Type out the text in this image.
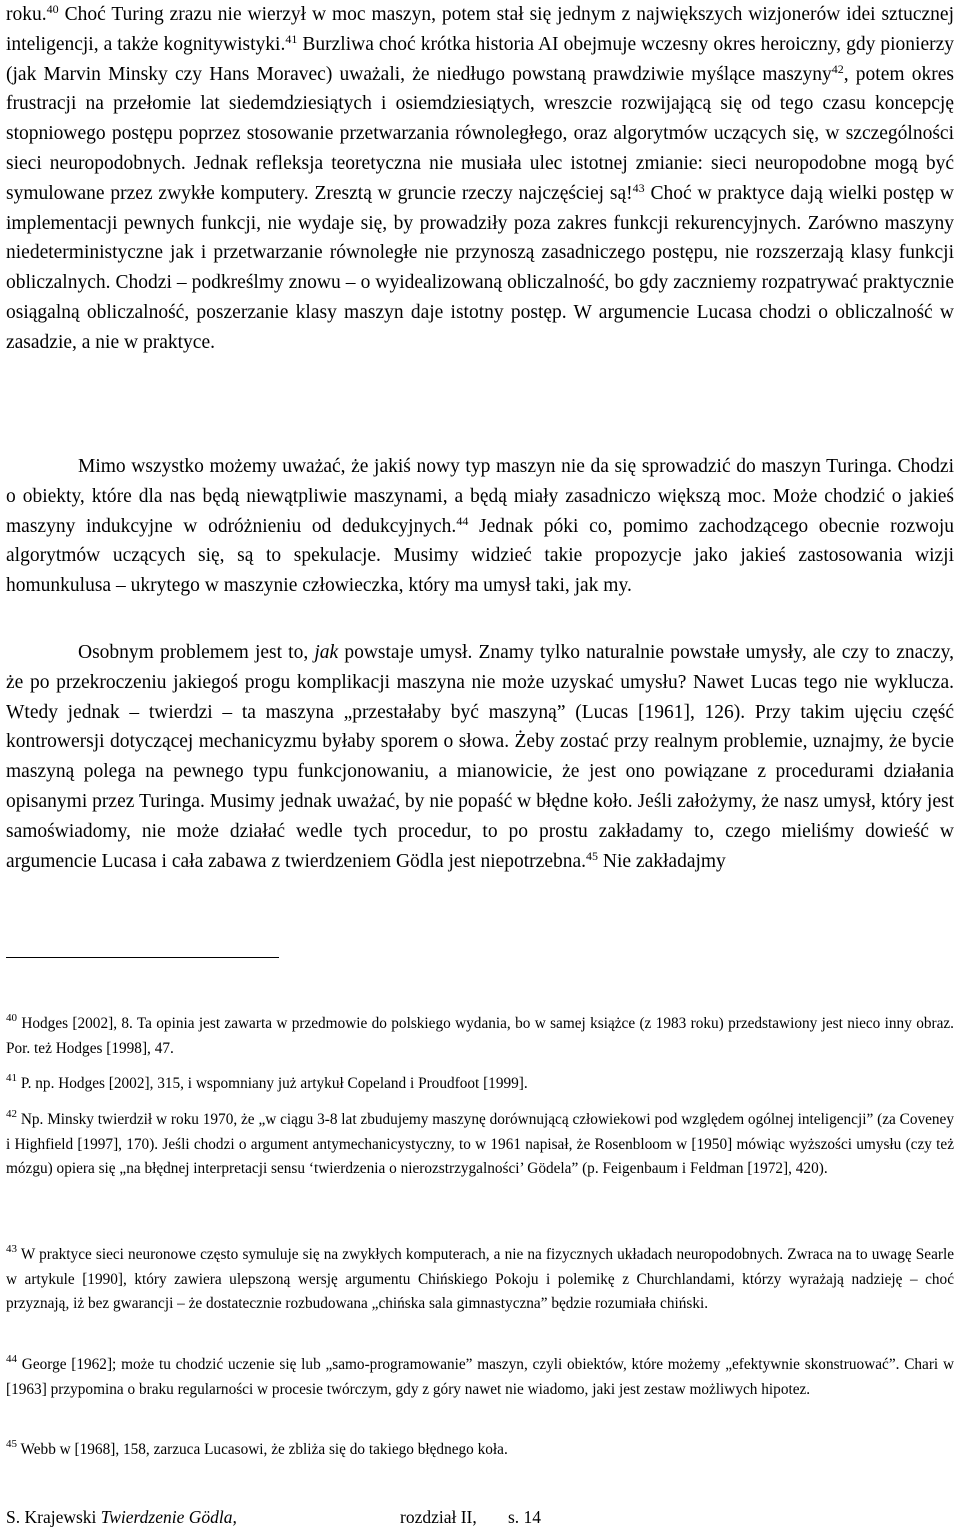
roku.$^{40}$ Choć Turing zrazu nie wierzył w moc maszyn, potem stał się jednym z największych wizjonerów idei sztucznej inteligencji, a także kognitywistyki.$^{41}$ Burzliwa choć krótka historia AI obejmuje wczesny okres heroiczny, gdy pionierzy (jak Marvin Minsky czy Hans Moravec) uważali, że niedługo powstaną prawdziwie myślące maszyny$^{42}$, potem okres frustracji na przełomie lat siedemdziesiątych i osiemdziesiątych, wreszcie rozwijającą się od tego czasu koncepcję stopniowego postępu poprzez stosowanie przetwarzania równoległego, oraz algorytmów uczących się, w szczególności sieci neuropodobnych. Jednak refleksja teoretyczna nie musiała ulec istotnej zmianie: sieci neuropodobne mogą być symulowane przez zwykłe komputery. Zresztą w gruncie rzeczy najczęściej są!$^{43}$ Choć w praktyce dają wielki postęp w implementacji pewnych funkcji, nie wydaje się, by prowadziły poza zakres funkcji rekurencyjnych. Zarówno maszyny niedeterministyczne jak i przetwarzanie równoległe nie przynoszą zasadniczego postępu, nie rozszerzają klasy funkcji obliczalnych. Chodzi – podkreślmy znowu – o wyidealizowaną obliczalność, bo gdy zaczniemy rozpatrywać praktycznie osiągalną obliczalność, poszerzanie klasy maszyn daje istotny postęp. W argumencie Lucasa chodzi o obliczalność w zasadzie, a nie w praktyce.

Mimo wszystko możemy uważać, że jakiś nowy typ maszyn nie da się sprowadzić do maszyn Turinga. Chodzi o obiekty, które dla nas będą niewątpliwie maszynami, a będą miały zasadniczo większą moc. Może chodzić o jakieś maszyny indukcyjne w odróżnieniu od dedukcyjnych.$^{44}$ Jednak póki co, pomimo zachodzącego obecnie rozwoju algorytmów uczących się, są to spekulacje. Musimy widzieć takie propozycje jako jakieś zastosowania wizji homunkulusa – ukrytego w maszynie człowieczka, który ma umysł taki, jak my.

Osobnym problemem jest to, jak powstaje umysł. Znamy tylko naturalnie powstałe umysły, ale czy to znaczy, że po przekroczeniu jakiegoś progu komplikacji maszyna nie może uzyskać umysłu? Nawet Lucas tego nie wyklucza. Wtedy jednak – twierdzi – ta maszyna „przestałaby być maszyną” (Lucas [1961], 126). Przy takim ujęciu część kontrowersji dotyczącej mechanicyzmu byłaby sporem o słowa. Żeby zostać przy realnym problemie, uznajmy, że bycie maszyną polega na pewnego typu funkcjonowaniu, a mianowicie, że jest ono powiązane z procedurami działania opisanymi przez Turinga. Musimy jednak uważać, by nie popaść w błędne koło. Jeśli założymy, że nasz umysł, który jest samoświadomy, nie może działać wedle tych procedur, to po prostu zakładamy to, czego mieliśmy dowieść w argumencie Lucasa i cała zabawa z twierdzeniem Gödla jest niepotrzebna.$^{45}$ Nie zakładajmy

$^{40}$ Hodges [2002], 8. Ta opinia jest zawarta w przedmowie do polskiego wydania, bo w samej książce (z 1983 roku) przedstawiony jest nieco inny obraz. Por. też Hodges [1998], 47.

$^{41}$ P. np. Hodges [2002], 315, i wspomniany już artykuł Copeland i Proudfoot [1999].

$^{42}$ Np. Minsky twierdził w roku 1970, że „w ciągu 3-8 lat zbudujemy maszynę dorównującą człowiekowi pod względem ogólnej inteligencji” (za Coveney i Highfield [1997], 170). Jeśli chodzi o argument antymechanicystyczny, to w 1961 napisał, że Rosenbloom w [1950] mówiąc wyższości umysłu (czy też mózgu) opiera się „na błędnej interpretacji sensu ‘twierdzenia o nierozstrzygalności’ Gödela” (p. Feigenbaum i Feldman [1972], 420).

$^{43}$ W praktyce sieci neuronowe często symuluje się na zwykłych komputerach, a nie na fizycznych układach neuropodobnych. Zwraca na to uwagę Searle w artykule [1990], który zawiera ulepszoną wersję argumentu Chińskiego Pokoju i polemikę z Churchlandami, którzy wyrażają nadzieję – choć przyznają, iż bez gwarancji – że dostatecznie rozbudowana „chińska sala gimnastyczna” będzie rozumiała chiński.

$^{44}$ George [1962]; może tu chodzić uczenie się lub „samo-programowanie” maszyn, czyli obiektów, które możemy „efektywnie skonstruować”. Chari w [1963] przypomina o braku regularności w procesie twórczym, gdy z góry nawet nie wiadomo, jaki jest zestaw możliwych hipotez.

$^{45}$ Webb w [1968], 158, zarzuca Lucasowi, że zbliża się do takiego błędnego koła.

S. Krajewski Twierdzenie Gödla,	rozdział II, s. 14
